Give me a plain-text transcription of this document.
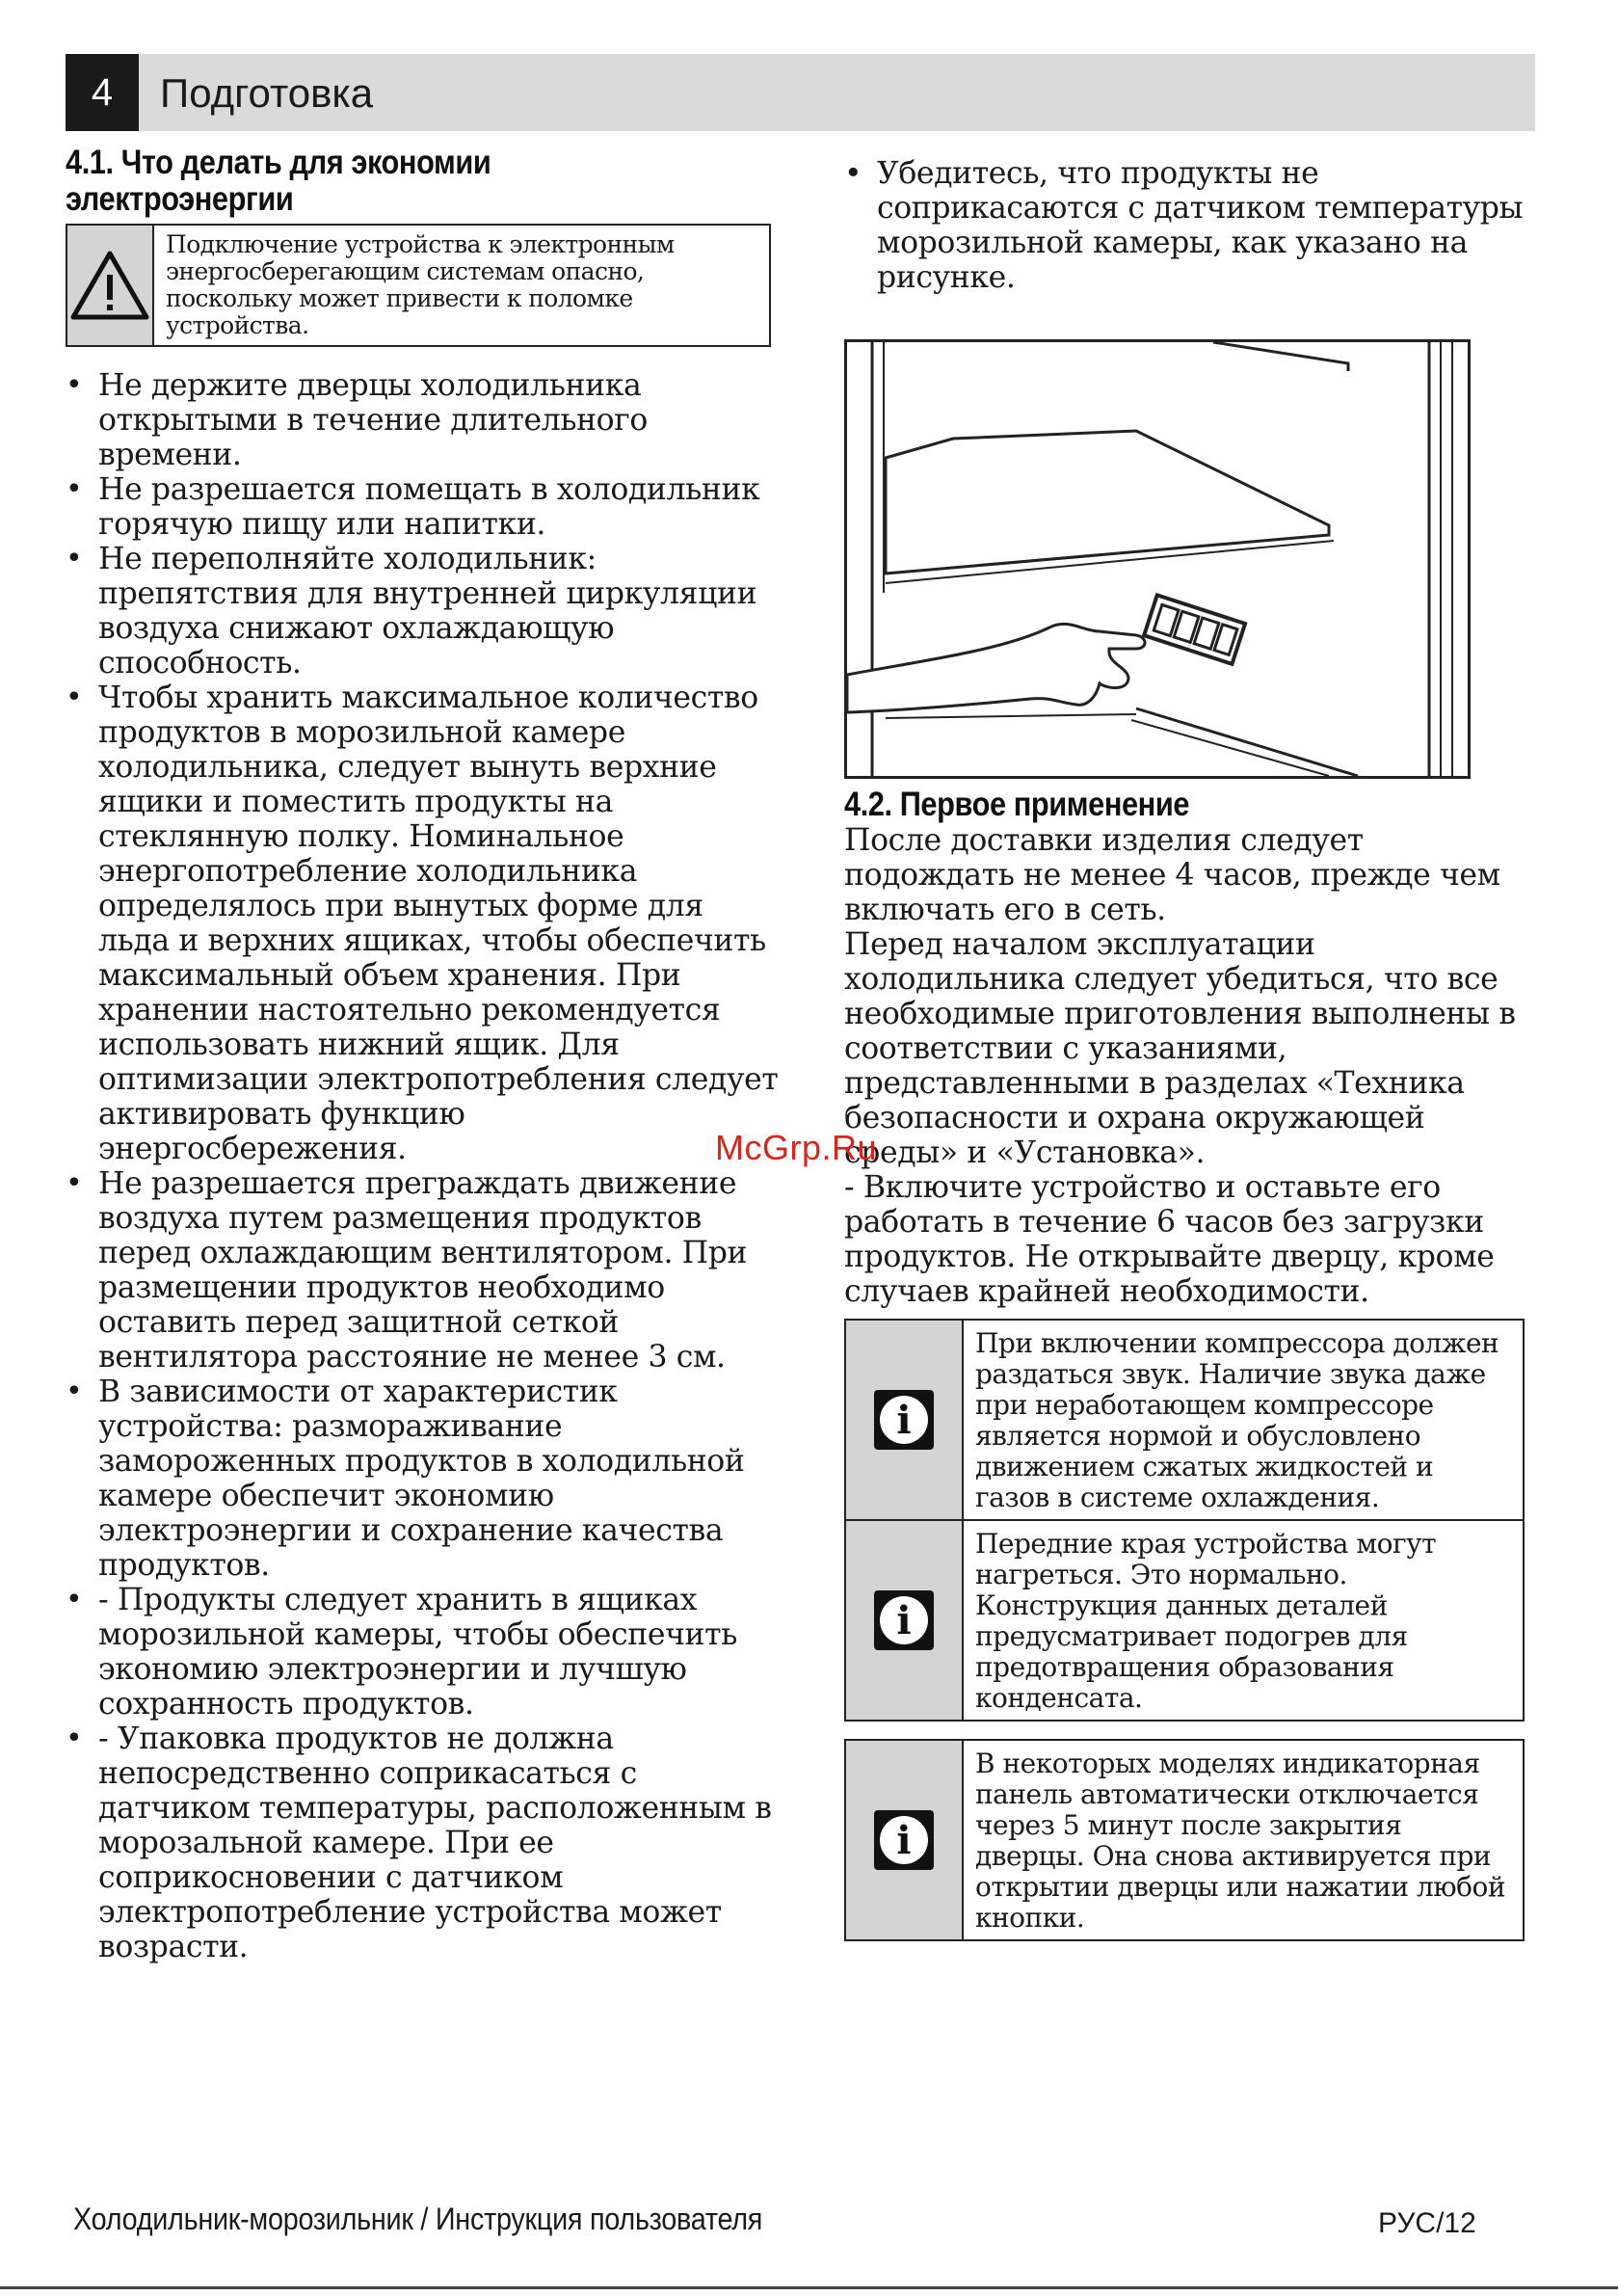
4	Подготовка
4.1. Что делать для экономии электроэнергии
Подключение устройства к электронным энергосберегающим системам опасно, поскольку может привести к поломке устройства.
• Не держите дверцы холодильника открытыми в течение длительного времени.
• Не разрешается помещать в холодильник горячую пищу или напитки.
• Не переполняйте холодильник: препятствия для внутренней циркуляции воздуха снижают охлаждающую способность.
• Чтобы хранить максимальное количество продуктов в морозильной камере холодильника, следует вынуть верхние ящики и поместить продукты на стеклянную полку. Номинальное энергопотребление холодильника определялось при вынутых форме для льда и верхних ящиках, чтобы обеспечить максимальный объем хранения. При хранении настоятельно рекомендуется использовать нижний ящик. Для оптимизации электропотребления следует активировать функцию энергосбережения.
• Не разрешается преграждать движение воздуха путем размещения продуктов перед охлаждающим вентилятором. При размещении продуктов необходимо оставить перед защитной сеткой вентилятора расстояние не менее 3 см.
• В зависимости от характеристик устройства: размораживание замороженных продуктов в холодильной камере обеспечит экономию электроэнергии и сохранение качества продуктов.
• - Продукты следует хранить в ящиках морозильной камеры, чтобы обеспечить экономию электроэнергии и лучшую сохранность продуктов.
• - Упаковка продуктов не должна непосредственно соприкасаться с датчиком температуры, расположенным в морозальной камере. При ее соприкосновении с датчиком электропотребление устройства может возрасти.
• Убедитесь, что продукты не соприкасаются с датчиком температуры морозильной камеры, как указано на рисунке.
4.2. Первое применение

После доставки изделия следует подождать не менее 4 часов, прежде чем включать его в сеть.

Перед началом эксплуатации холодильника следует убедиться, что все необходимые приготовления выполнены в соответствии с указаниями, представленными в разделах «Техника безопасности и охрана окружающей среды» и «Установка».

- Включите устройство и оставьте его работать в течение 6 часов без загрузки продуктов. Не открывайте дверцу, кроме случаев крайней необходимости.

i
При включении компрессора должен раздаться звук. Наличие звука даже при неработающем компрессоре является нормой и обусловлено движением сжатых жидкостей и газов в системе охлаждения.
i
Передние края устройства могут нагреться. Это нормально. Конструкция данных деталей предусматривает подогрев для предотвращения образования конденсата.
i
В некоторых моделях индикаторная панель автоматически отключается через 5 минут после закрытия дверцы. Она снова активируется при открытии дверцы или нажатии любой кнопки.
McGrp.Ru
Холодильник-морозильник / Инструкция пользователя	РУС/12
